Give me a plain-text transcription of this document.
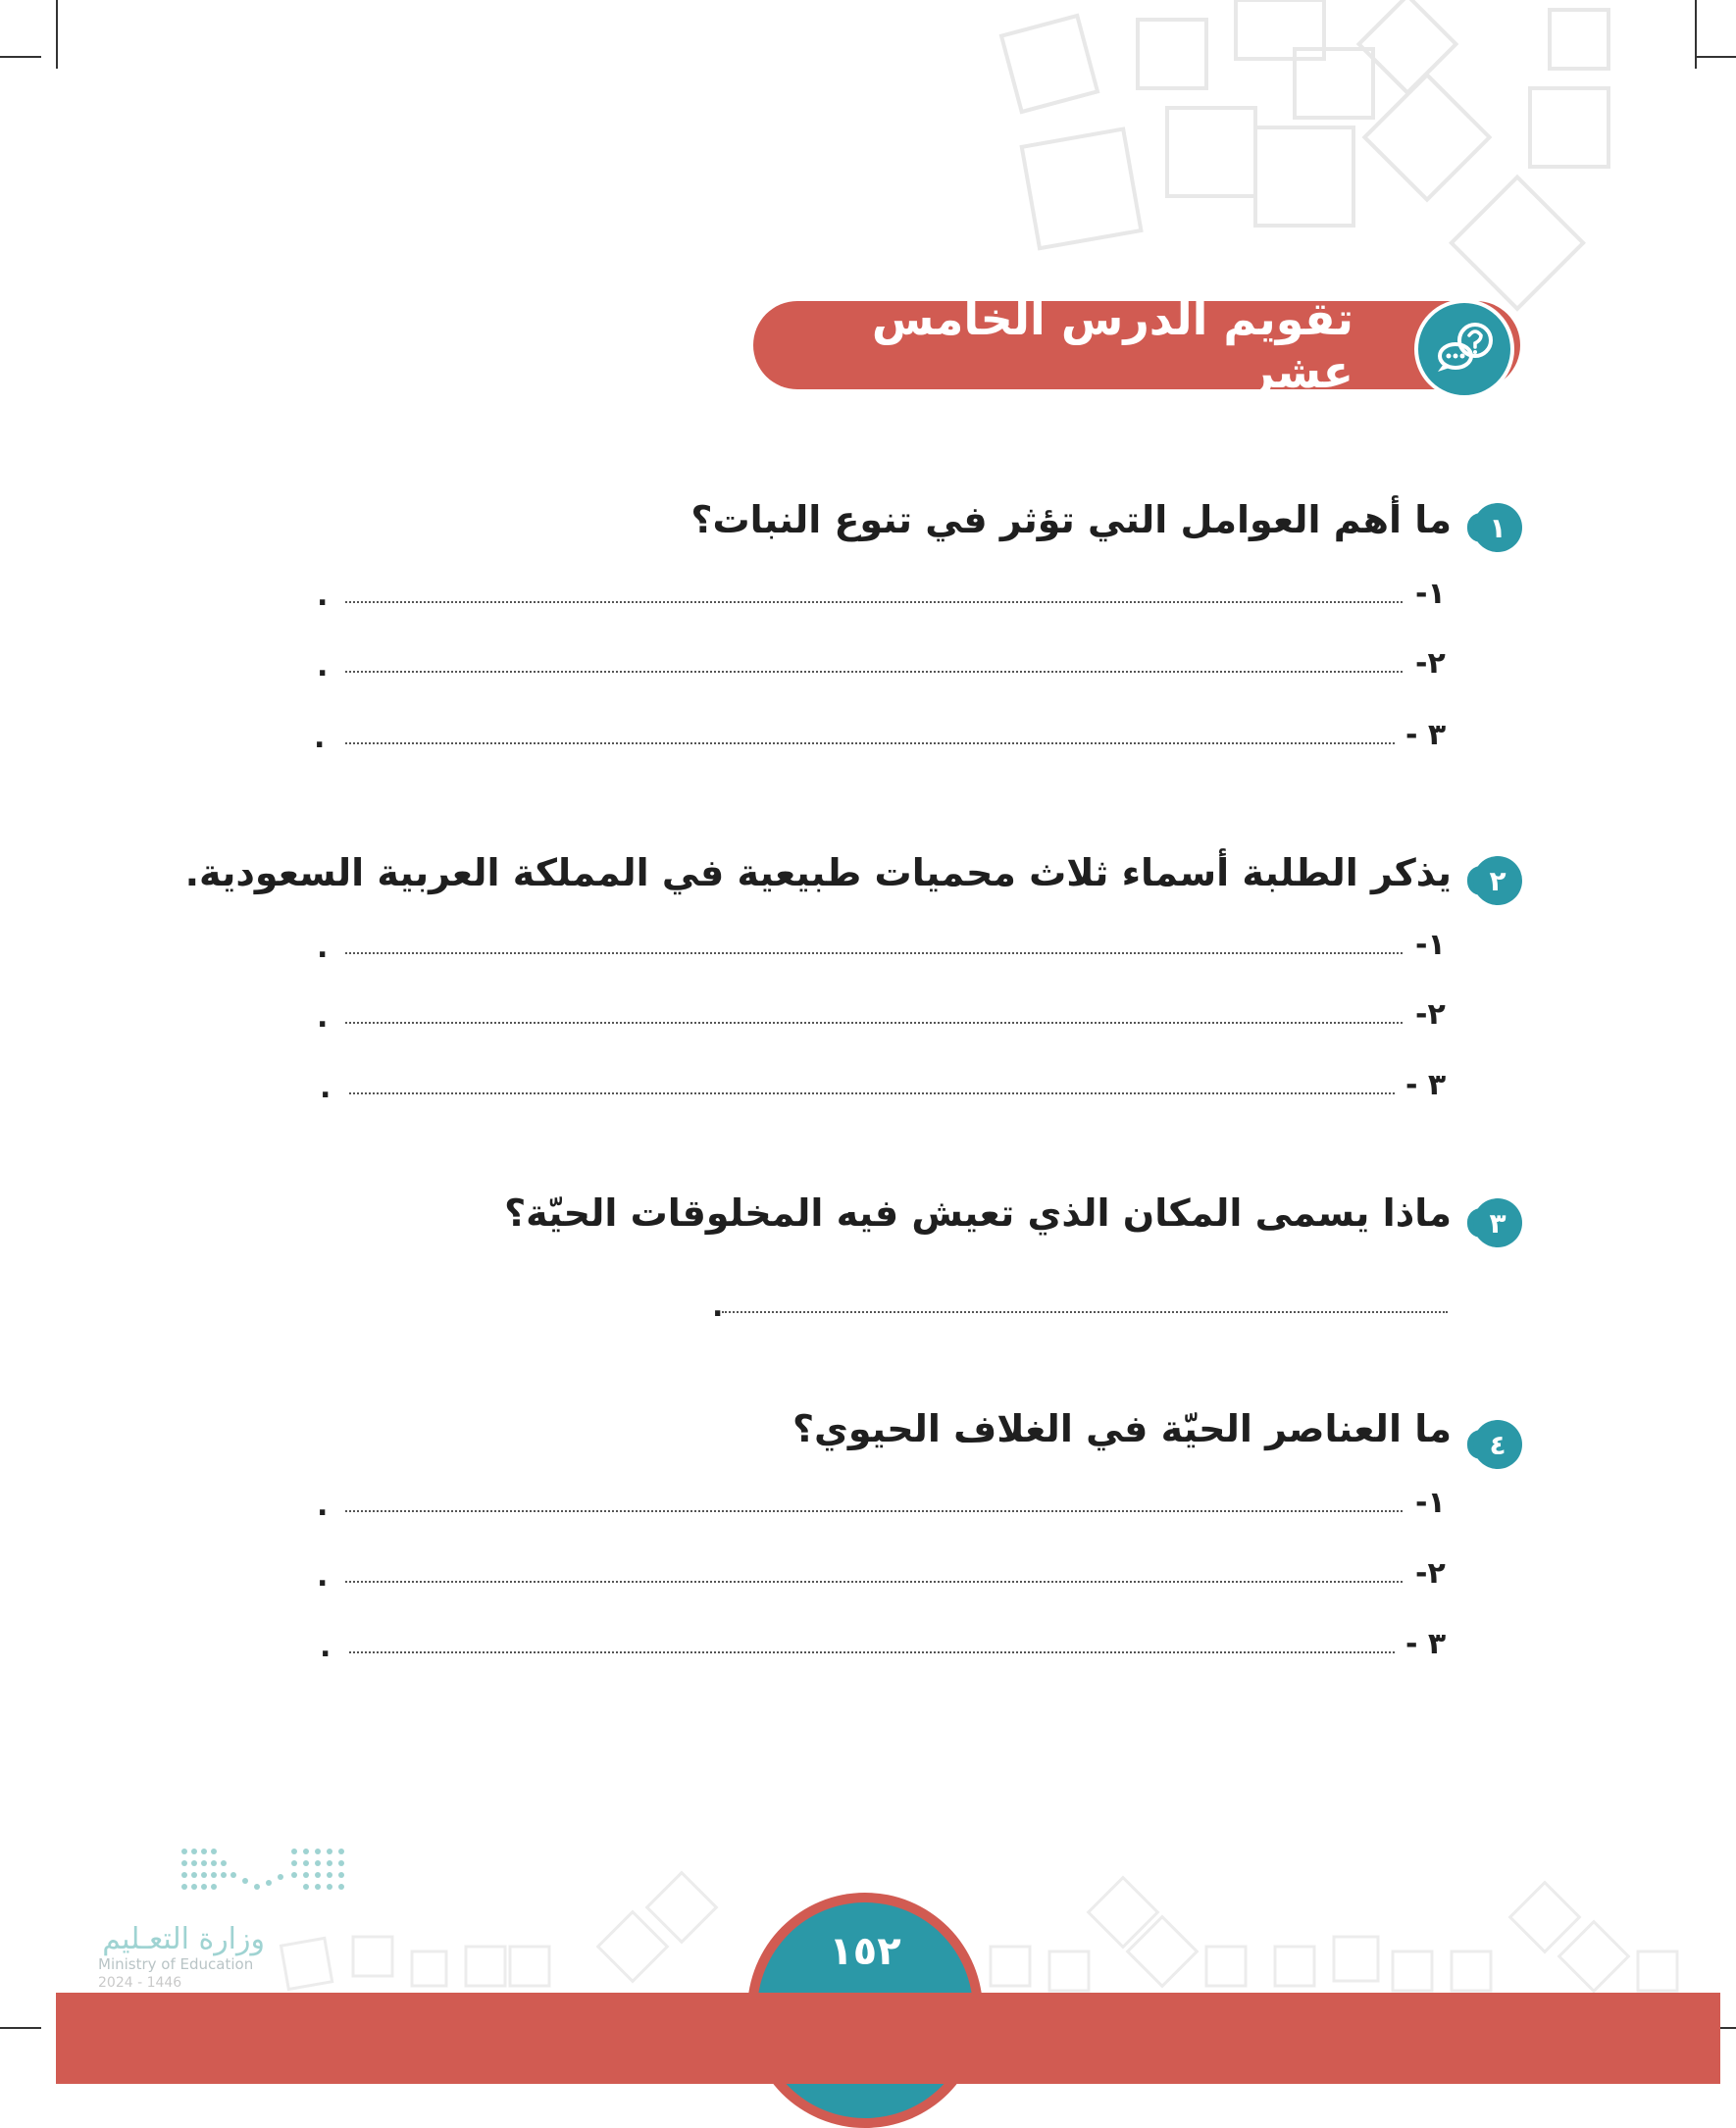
تقويم الدرس الخامس عشر
١
ما أهم العوامل التي تؤثر في تنوع النبات؟
١-
.
٢-
.
٣ -
.
٢
يذكر الطلبة أسماء ثلاث محميات طبيعية في المملكة العربية السعودية.
١-
.
٢-
.
٣ -
.
٣
ماذا يسمى المكان الذي تعيش فيه المخلوقات الحيّة؟
.
٤
ما العناصر الحيّة في الغلاف الحيوي؟
١-
.
٢-
.
٣ -
.
وزارة التعـليم
Ministry of Education
2024 - 1446
١٥٢
